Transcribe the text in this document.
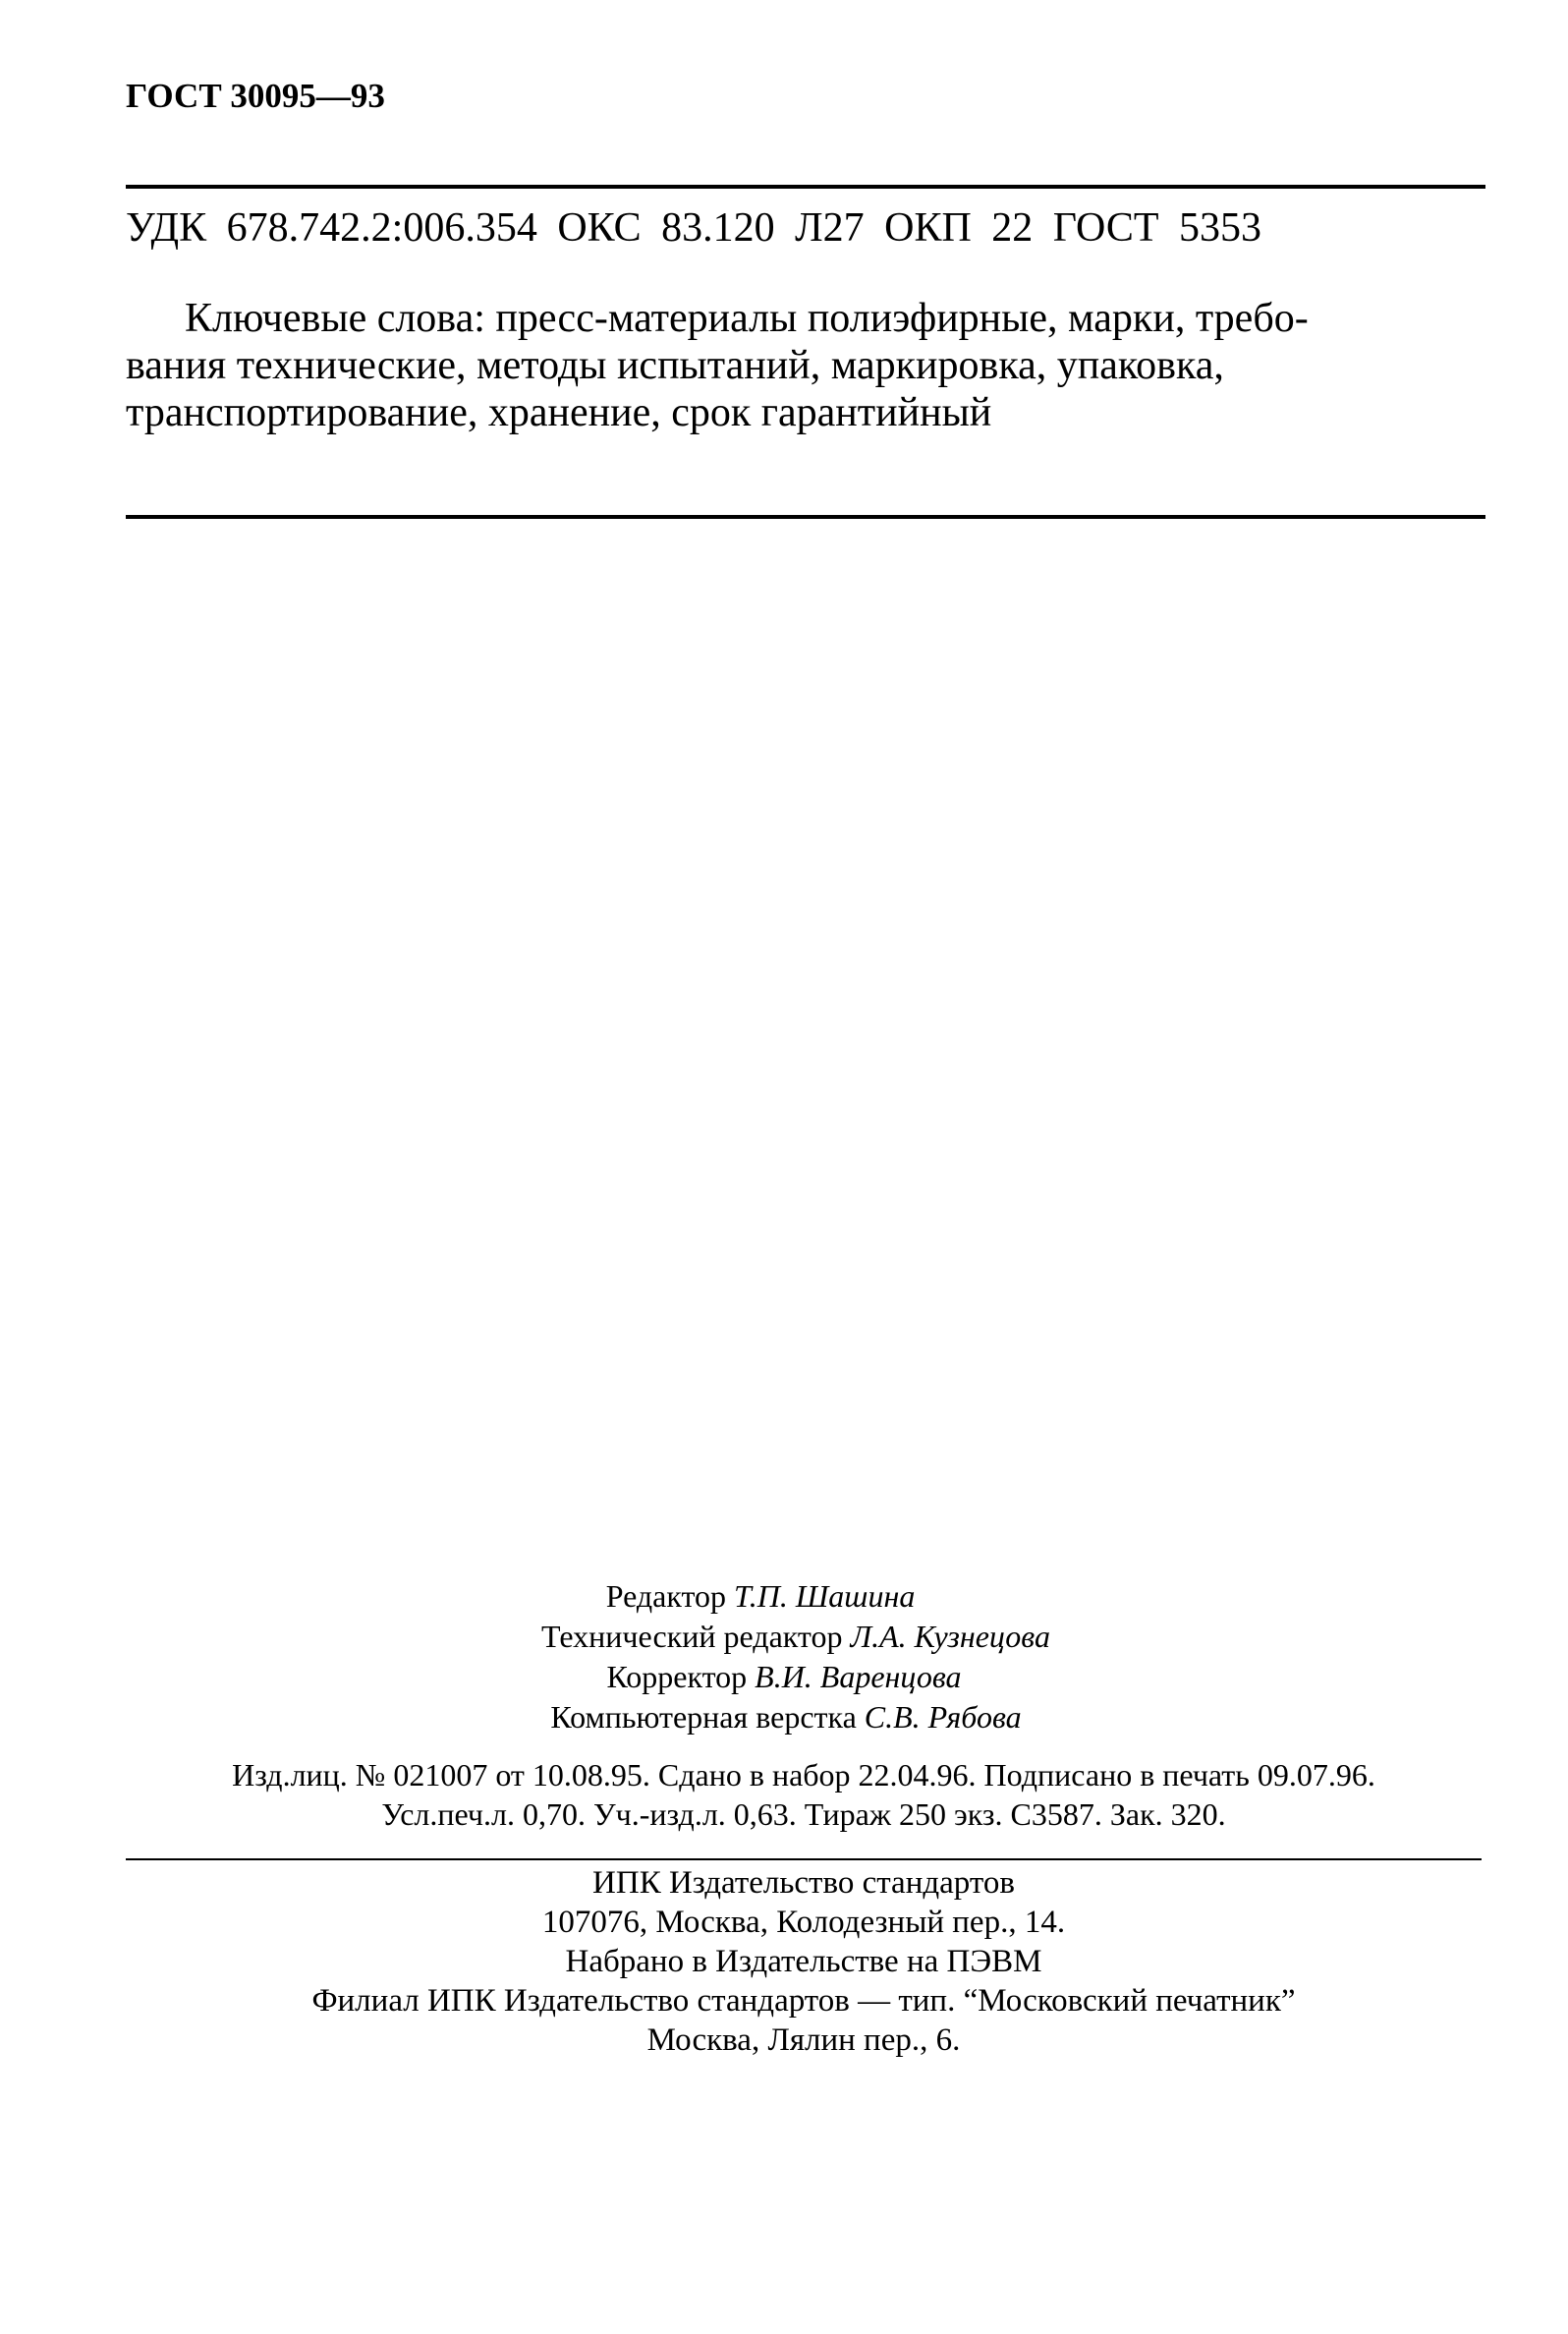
ГОСТ 30095—93
УДК 678.742.2:006.354 ОКС 83.120 Л27 ОКП 22 ГОСТ 5353

Ключевые слова: пресс-материалы полиэфирные, марки, требо-

вания технические, методы испытаний, маркировка, упаковка,

транспортирование, хранение, срок гарантийный

Редактор Т.П. Шашина
Технический редактор Л.А. Кузнецова
Корректор В.И. Варенцова
Компьютерная верстка С.В. Рябова
Изд.лиц. № 021007 от 10.08.95. Сдано в набор 22.04.96. Подписано в печать 09.07.96.
Усл.печ.л. 0,70. Уч.-изд.л. 0,63. Тираж 250 экз. С3587. Зак. 320.
ИПК Издательство стандартов
107076, Москва, Колодезный пер., 14.
Набрано в Издательстве на ПЭВМ
Филиал ИПК Издательство стандартов — тип. “Московский печатник”
Москва, Лялин пер., 6.
